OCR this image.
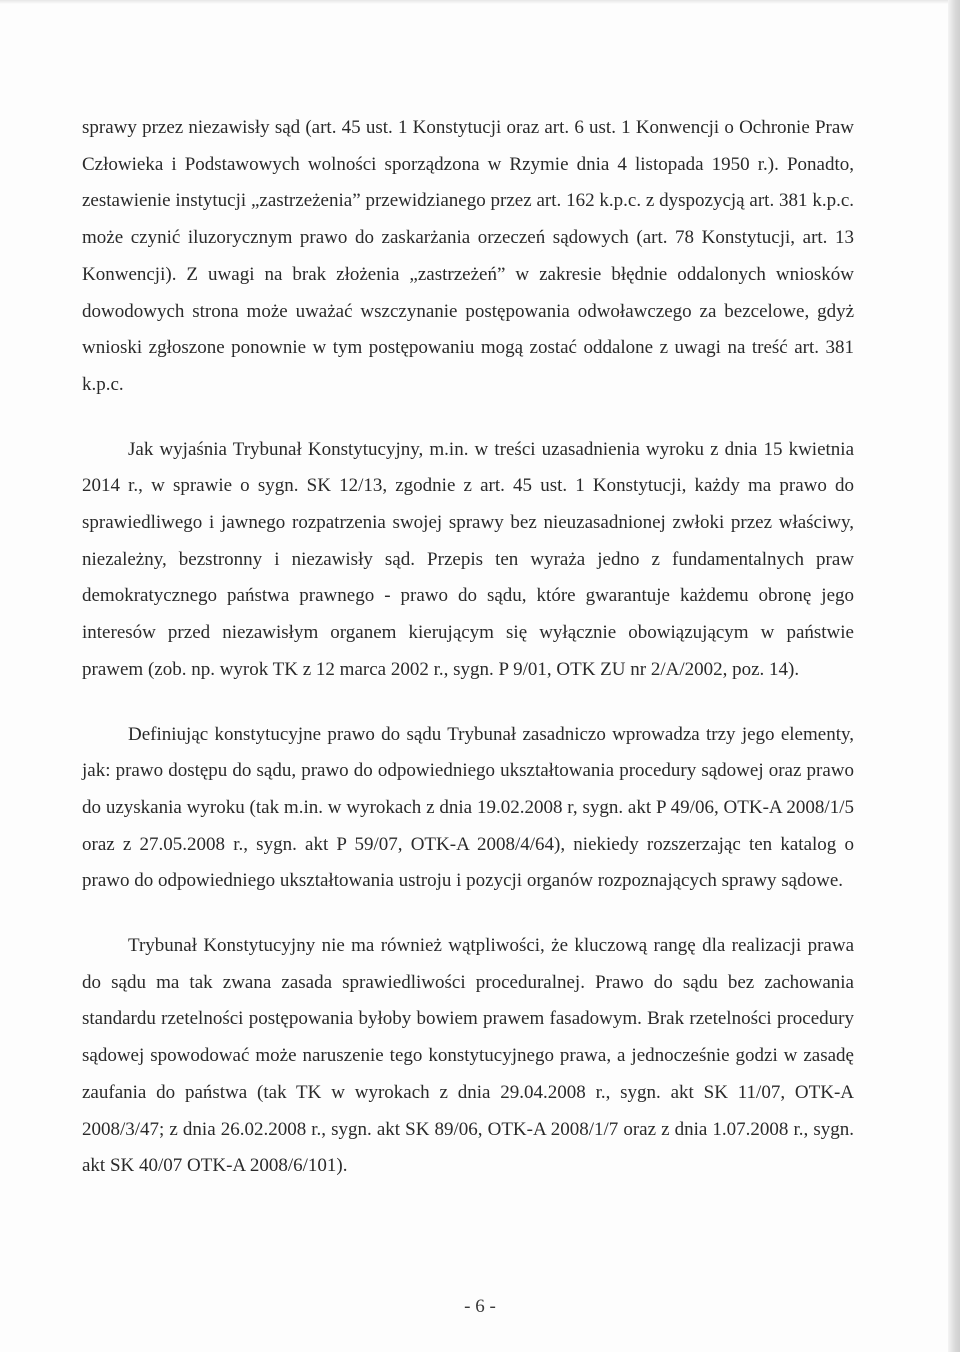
sprawy przez niezawisły sąd (art. 45 ust. 1 Konstytucji oraz art. 6 ust. 1 Konwencji o Ochronie Praw Człowieka i Podstawowych wolności sporządzona w Rzymie dnia 4 listopada 1950 r.). Ponadto, zestawienie instytucji „zastrzeżenia” przewidzianego przez art. 162 k.p.c. z dyspozycją art. 381 k.p.c. może czynić iluzorycznym prawo do zaskarżania orzeczeń sądowych (art. 78 Konstytucji, art. 13 Konwencji). Z uwagi na brak złożenia „zastrzeżeń” w zakresie błędnie oddalonych wniosków dowodowych strona może uważać wszczynanie postępowania odwoławczego za bezcelowe, gdyż wnioski zgłoszone ponownie w tym postępowaniu mogą zostać oddalone z uwagi na treść art. 381 k.p.c.

Jak wyjaśnia Trybunał Konstytucyjny, m.in. w treści uzasadnienia wyroku z dnia 15 kwietnia 2014 r., w sprawie o sygn. SK 12/13, zgodnie z art. 45 ust. 1 Konstytucji, każdy ma prawo do sprawiedliwego i jawnego rozpatrzenia swojej sprawy bez nieuzasadnionej zwłoki przez właściwy, niezależny, bezstronny i niezawisły sąd. Przepis ten wyraża jedno z fundamentalnych praw demokratycznego państwa prawnego - prawo do sądu, które gwarantuje każdemu obronę jego interesów przed niezawisłym organem kierującym się wyłącznie obowiązującym w państwie prawem (zob. np. wyrok TK z 12 marca 2002 r., sygn. P 9/01, OTK ZU nr 2/A/2002, poz. 14).

Definiując konstytucyjne prawo do sądu Trybunał zasadniczo wprowadza trzy jego elementy, jak: prawo dostępu do sądu, prawo do odpowiedniego ukształtowania procedury sądowej oraz prawo do uzyskania wyroku (tak m.in. w wyrokach z dnia 19.02.2008 r, sygn. akt P 49/06, OTK-A 2008/1/5 oraz z 27.05.2008 r., sygn. akt P 59/07, OTK-A 2008/4/64), niekiedy rozszerzając ten katalog o prawo do odpowiedniego ukształtowania ustroju i pozycji organów rozpoznających sprawy sądowe.

Trybunał Konstytucyjny nie ma również wątpliwości, że kluczową rangę dla realizacji prawa do sądu ma tak zwana zasada sprawiedliwości proceduralnej. Prawo do sądu bez zachowania standardu rzetelności postępowania byłoby bowiem prawem fasadowym. Brak rzetelności procedury sądowej spowodować może naruszenie tego konstytucyjnego prawa, a jednocześnie godzi w zasadę zaufania do państwa (tak TK w wyrokach z dnia 29.04.2008 r., sygn. akt SK 11/07, OTK-A 2008/3/47; z dnia 26.02.2008 r., sygn. akt SK 89/06, OTK-A 2008/1/7 oraz z dnia 1.07.2008 r., sygn. akt SK 40/07 OTK-A 2008/6/101).

- 6 -
